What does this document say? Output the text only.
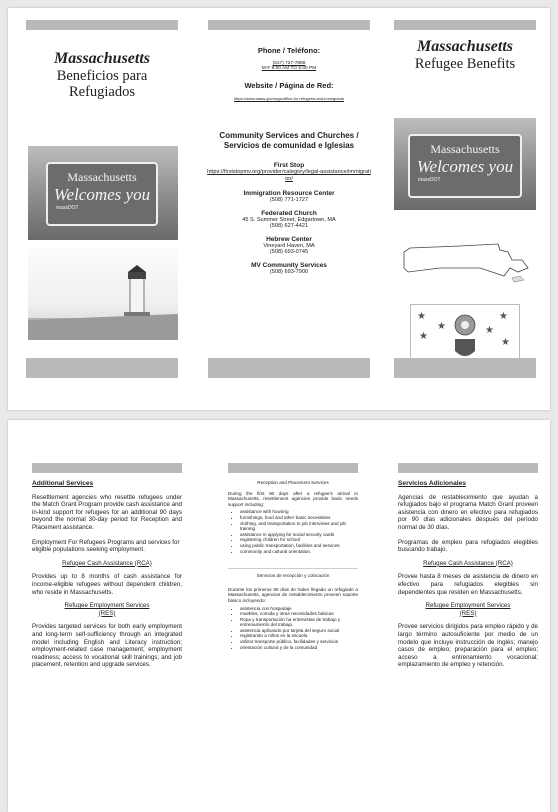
Massachusetts
Beneficios para Refugiados
Massachusetts
Welcomes you
massDOT
Phone / Teléfono:
(617) 727-7888
M-F 9:00 AM TO 5:00 PM
Website / Página de Red:
https://www.mass.gov/orgs/office-for-refugees-and-immigrants
Community Services and Churches / Servicios de comunidad e Iglesias
First Stop
https://firststopmv.org/provider/category/legal-assistance/immigration/
Immigration Resource Center
(508) 771-1727
Federated Church
45 S. Summer Street, Edgartown, MA
(508) 627-4421
Hebrew Center
Vineyard Haven, MA
(508) 693-0745
MV Community Services
(508) 693-7900
Massachusetts
Refugee Benefits
Massachusetts
Welcomes you
massDOT
★
★
★
★
★
★
Additional Services
Resettlement agencies who resettle refugees under the Match Grant Program provide cash assistance and in-kind support for refugees for an additional 90 days beyond the normal 30-day period for Reception and Placement assistance.
Employment For Refugees Programs and services for eligible populations seeking employment.
Refugee Cash Assistance (RCA)
Provides up to 8 months of cash assistance for income-eligible refugees without dependent children, who reside in Massachusetts.
Refugee Employment Services (RES)
Provides targeted services for both early employment and long-term self-sufficiency through an integrated model including English and Literacy instruction; employment-related case management; employment readiness; access to vocational skill trainings; and job placement, retention and upgrade services.
Reception and Placement Services
During the first 90 days after a refugee's arrival in Massachusetts, resettlement agencies provide basic needs support including:
• assistance with housing
• furnishings, food and other basic necessities
• clothing, and transportation to job interviews and job training
• assistance in applying for social security cards
• registering children for school
• using public transportation, facilities and services
• community and cultural orientation.
Servicios de recepción y colocación
Durante los primeros 90 días de haber llegado un refugiado a Massachusetts, agencias de restablecimiento proveen soporte básico incluyendo:
• asistencia con hospedaje
• muebles, comida y otras necesidades básicas
• Ropa y transportación ha entrevistas de trabajo y entrenamiento del trabajo.
• asistencia aplicando por tarjeta del seguro social
• registrando a niños en la escuela
• utilizar transporte público, facilidades y servicios
• orientación cultural y de la comunidad
Servicios Adicionales
Agencias de restablecimiento que ayudan a refugiados bajo el programa Match Grant proveen asistencia con dinero en efectivo para refugiados por 90 días adicionales después del período normal de 30 días.
Programas de empleo para refugiados elegibles buscando trabajo.
Refugee Cash Assistance (RCA)
Provee hasta 8 meses de asistencia de dinero en efectivo para refugiados elegibles sin dependientes que residen en Massachusetts.
Refugee Employment Services (RES)
Provee servicios dirigidos para empleo rápido y de largo término autosuficiente por medio de un modelo que incluye instrucción de Inglés; manejo casos de empleo; preparación para el empleo; acceso a entrenamiento vocacional; emplazamiento de empleo y retención.
